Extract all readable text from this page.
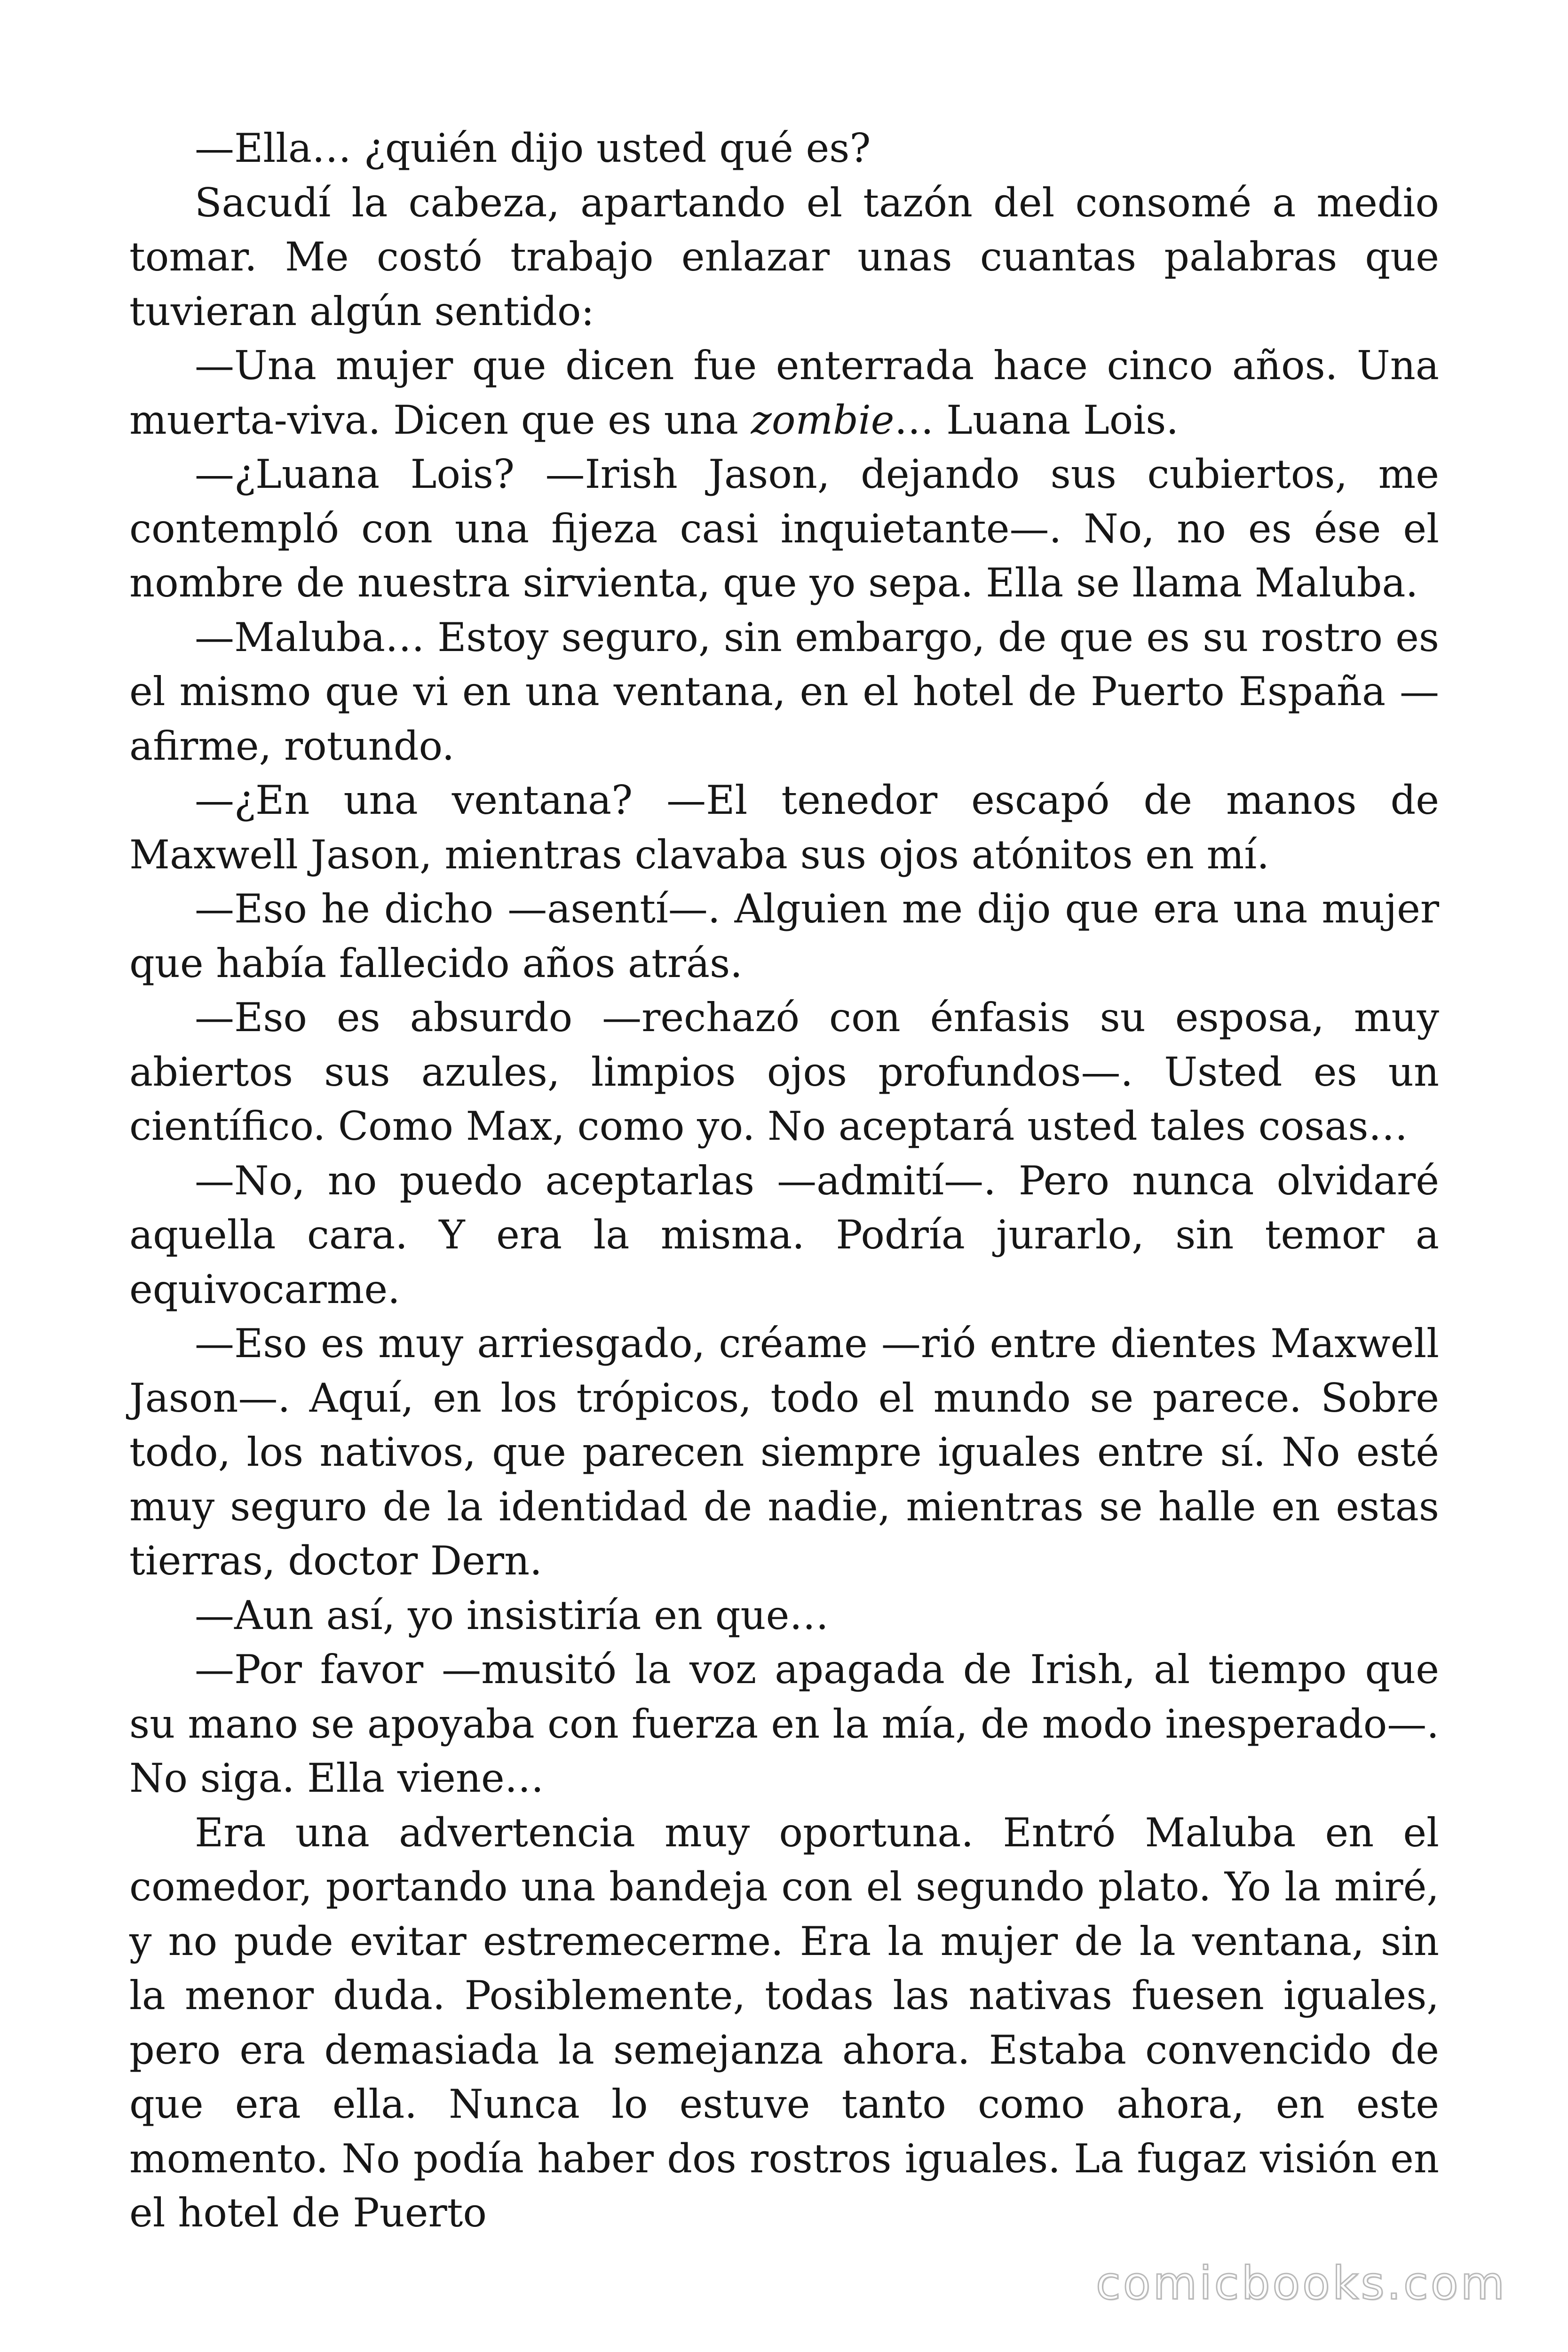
—Ella… ¿quién dijo usted qué es?

Sacudí la cabeza, apartando el tazón del consomé a medio tomar. Me costó trabajo enlazar unas cuantas palabras que tuvieran algún sentido:

—Una mujer que dicen fue enterrada hace cinco años. Una muerta-viva. Dicen que es una zombie… Luana Lois.

—¿Luana Lois? —Irish Jason, dejando sus cubiertos, me contempló con una fijeza casi inquietante—. No, no es ése el nombre de nuestra sirvienta, que yo sepa. Ella se llama Maluba.

—Maluba… Estoy seguro, sin embargo, de que es su rostro es el mismo que vi en una ventana, en el hotel de Puerto España —afirme, rotundo.

—¿En una ventana? —El tenedor escapó de manos de Maxwell Jason, mientras clavaba sus ojos atónitos en mí.

—Eso he dicho —asentí—. Alguien me dijo que era una mujer que había fallecido años atrás.

—Eso es absurdo —rechazó con énfasis su esposa, muy abiertos sus azules, limpios ojos profundos—. Usted es un científico. Como Max, como yo. No aceptará usted tales cosas…

—No, no puedo aceptarlas —admití—. Pero nunca olvidaré aquella cara. Y era la misma. Podría jurarlo, sin temor a equivocarme.

—Eso es muy arriesgado, créame —rió entre dientes Maxwell Jason—. Aquí, en los trópicos, todo el mundo se parece. Sobre todo, los nativos, que parecen siempre iguales entre sí. No esté muy seguro de la identidad de nadie, mientras se halle en estas tierras, doctor Dern.

—Aun así, yo insistiría en que…

—Por favor —musitó la voz apagada de Irish, al tiempo que su mano se apoyaba con fuerza en la mía, de modo inesperado—. No siga. Ella viene…

Era una advertencia muy oportuna. Entró Maluba en el comedor, portando una bandeja con el segundo plato. Yo la miré, y no pude evitar estremecerme. Era la mujer de la ventana, sin la menor duda. Posiblemente, todas las nativas fuesen iguales, pero era demasiada la semejanza ahora. Estaba convencido de que era ella. Nunca lo estuve tanto como ahora, en este momento. No podía haber dos rostros iguales. La fugaz visión en el hotel de Puerto

comicbooks.com
